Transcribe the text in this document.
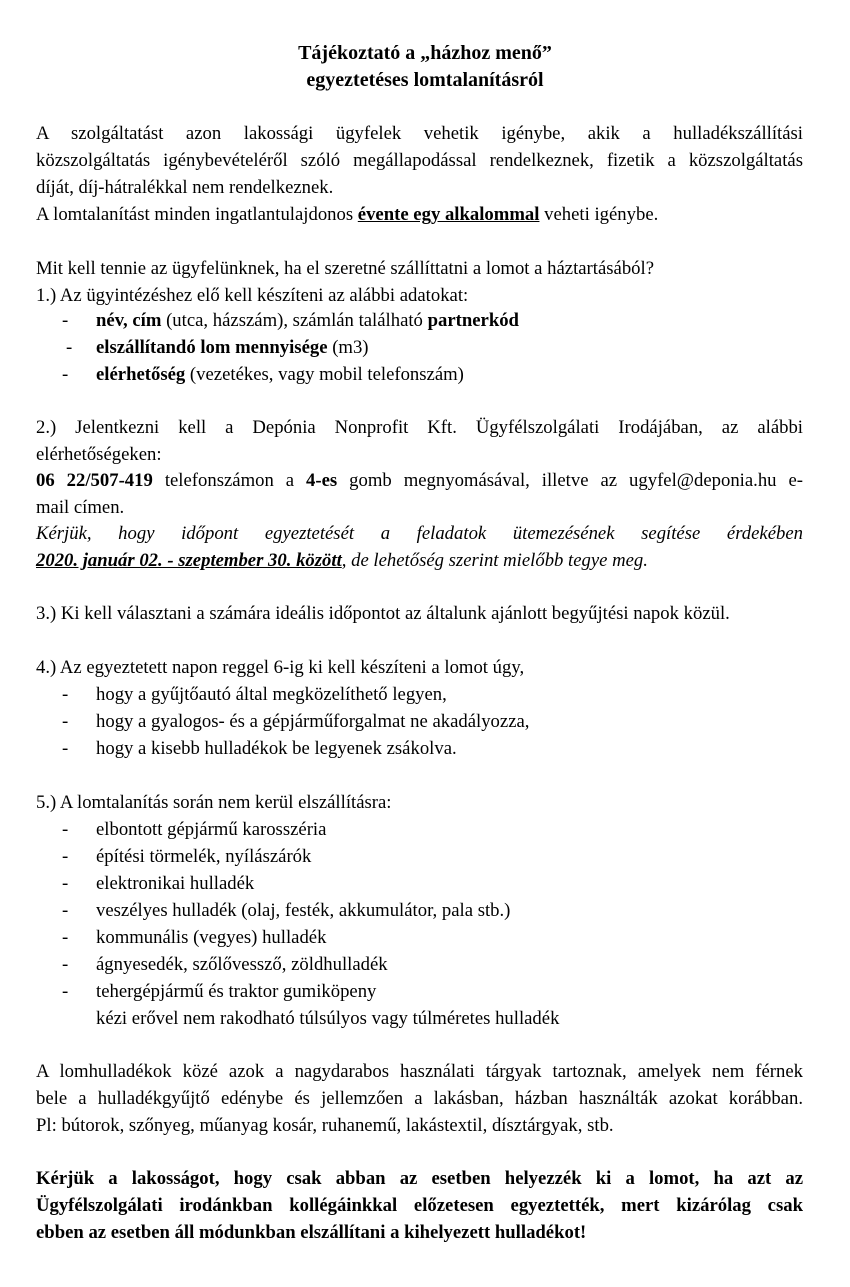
Tájékoztató a „házhoz menő”
egyeztetéses lomtalanításról
A szolgáltatást azon lakossági ügyfelek vehetik igénybe, akik a hulladékszállítási
közszolgáltatás igénybevételéről szóló megállapodással rendelkeznek, fizetik a közszolgáltatás
díját, díj-hátralékkal nem rendelkeznek.
A lomtalanítást minden ingatlantulajdonos évente egy alkalommal veheti igénybe.
Mit kell tennie az ügyfelünknek, ha el szeretné szállíttatni a lomot a háztartásából?
1.) Az ügyintézéshez elő kell készíteni az alábbi adatokat:
- név, cím (utca, házszám), számlán található partnerkód
- elszállítandó lom mennyisége (m3)
- elérhetőség (vezetékes, vagy mobil telefonszám)
2.) Jelentkezni kell a Depónia Nonprofit Kft. Ügyfélszolgálati Irodájában, az alábbi
elérhetőségeken:
06 22/507-419 telefonszámon a 4-es gomb megnyomásával, illetve az ugyfel@deponia.hu e-
mail címen.
Kérjük, hogy időpont egyeztetését a feladatok ütemezésének segítése érdekében
2020. január 02. - szeptember 30. között, de lehetőség szerint mielőbb tegye meg.
3.) Ki kell választani a számára ideális időpontot az általunk ajánlott begyűjtési napok közül.
4.) Az egyeztetett napon reggel 6-ig ki kell készíteni a lomot úgy,
- hogy a gyűjtőautó által megközelíthető legyen,
- hogy a gyalogos- és a gépjárműforgalmat ne akadályozza,
- hogy a kisebb hulladékok be legyenek zsákolva.
5.) A lomtalanítás során nem kerül elszállításra:
- elbontott gépjármű karosszéria
- építési törmelék, nyílászárók
- elektronikai hulladék
- veszélyes hulladék (olaj, festék, akkumulátor, pala stb.)
- kommunális (vegyes) hulladék
- ágnyesedék, szőlővessző, zöldhulladék
- tehergépjármű és traktor gumiköpeny
kézi erővel nem rakodható túlsúlyos vagy túlméretes hulladék
A lomhulladékok közé azok a nagydarabos használati tárgyak tartoznak, amelyek nem férnek
bele a hulladékgyűjtő edénybe és jellemzően a lakásban, házban használták azokat korábban.
Pl: bútorok, szőnyeg, műanyag kosár, ruhanemű, lakástextil, dísztárgyak, stb.
Kérjük a lakosságot, hogy csak abban az esetben helyezzék ki a lomot, ha azt az
Ügyfélszolgálati irodánkban kollégáinkkal előzetesen egyeztették, mert kizárólag csak
ebben az esetben áll módunkban elszállítani a kihelyezett hulladékot!
